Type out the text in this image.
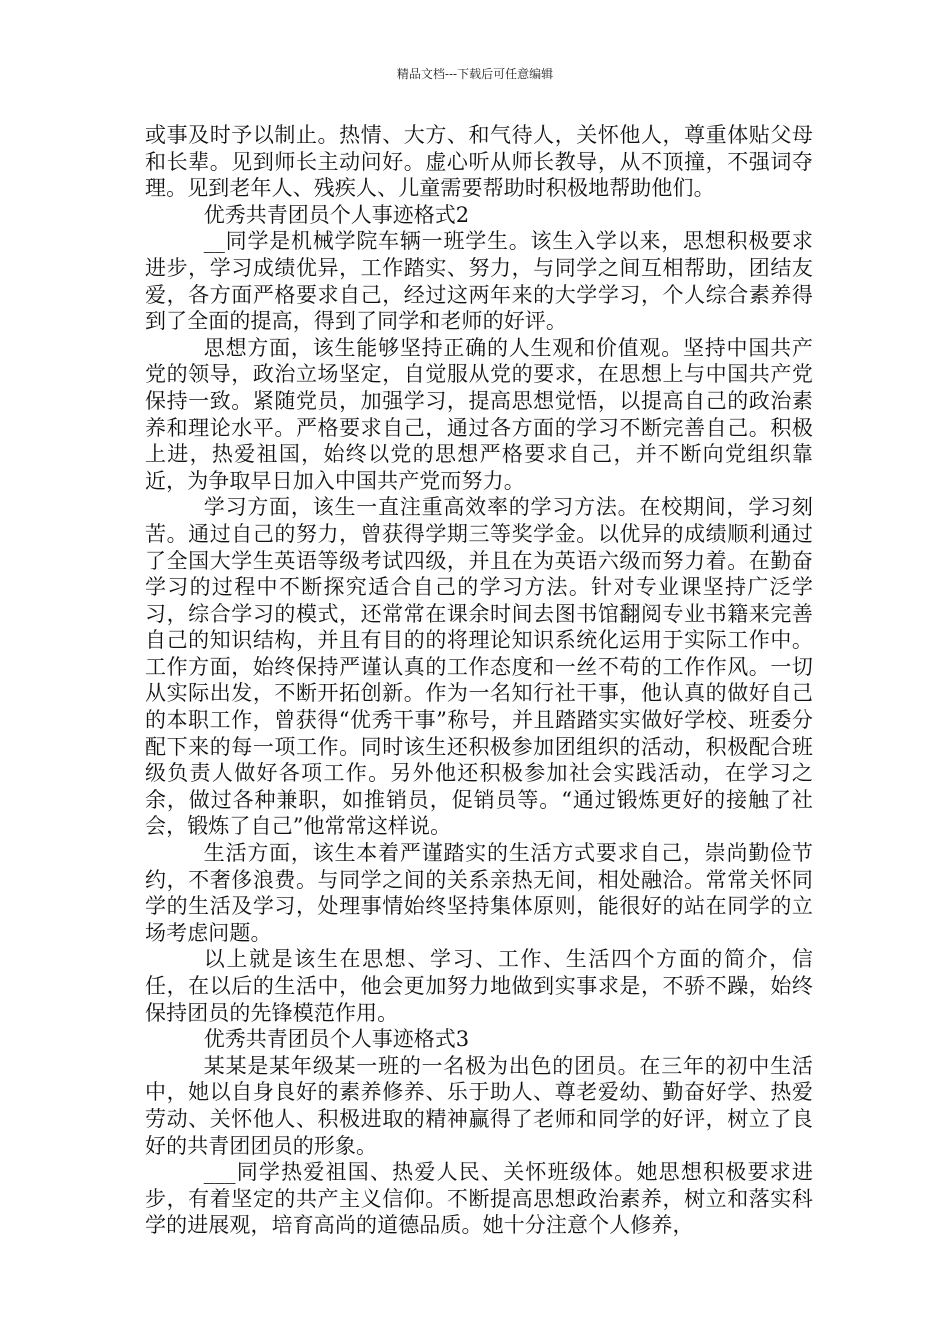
精品文档---下载后可任意编辑

或事及时予以制止。热情、大方、和气待人，关怀他人，尊重体贴父母和长辈。见到师长主动问好。虚心听从师长教导，从不顶撞，不强词夺理。见到老年人、残疾人、儿童需要帮助时积极地帮助他们。

优秀共青团员个人事迹格式2

__同学是机械学院车辆一班学生。该生入学以来，思想积极要求进步，学习成绩优异，工作踏实、努力，与同学之间互相帮助，团结友爱，各方面严格要求自己，经过这两年来的大学学习，个人综合素养得到了全面的提高，得到了同学和老师的好评。

思想方面，该生能够坚持正确的人生观和价值观。坚持中国共产党的领导，政治立场坚定，自觉服从党的要求，在思想上与中国共产党保持一致。紧随党员，加强学习，提高思想觉悟，以提高自己的政治素养和理论水平。严格要求自己，通过各方面的学习不断完善自己。积极上进，热爱祖国，始终以党的思想严格要求自己，并不断向党组织靠近，为争取早日加入中国共产党而努力。

学习方面，该生一直注重高效率的学习方法。在校期间，学习刻苦。通过自己的努力，曾获得学期三等奖学金。以优异的成绩顺利通过了全国大学生英语等级考试四级，并且在为英语六级而努力着。在勤奋学习的过程中不断探究适合自己的学习方法。针对专业课坚持广泛学习，综合学习的模式，还常常在课余时间去图书馆翻阅专业书籍来完善自己的知识结构，并且有目的的将理论知识系统化运用于实际工作中。工作方面，始终保持严谨认真的工作态度和一丝不苟的工作作风。一切从实际出发，不断开拓创新。作为一名知行社干事，他认真的做好自己的本职工作，曾获得“优秀干事”称号，并且踏踏实实做好学校、班委分配下来的每一项工作。同时该生还积极参加团组织的活动，积极配合班级负责人做好各项工作。另外他还积极参加社会实践活动，在学习之余，做过各种兼职，如推销员，促销员等。“通过锻炼更好的接触了社会，锻炼了自己”他常常这样说。

生活方面，该生本着严谨踏实的生活方式要求自己，崇尚勤俭节约，不奢侈浪费。与同学之间的关系亲热无间，相处融洽。常常关怀同学的生活及学习，处理事情始终坚持集体原则，能很好的站在同学的立场考虑问题。

以上就是该生在思想、学习、工作、生活四个方面的简介，信任，在以后的生活中，他会更加努力地做到实事求是，不骄不躁，始终保持团员的先锋模范作用。

优秀共青团员个人事迹格式3

某某是某年级某一班的一名极为出色的团员。在三年的初中生活中，她以自身良好的素养修养、乐于助人、尊老爱幼、勤奋好学、热爱劳动、关怀他人、积极进取的精神赢得了老师和同学的好评，树立了良好的共青团团员的形象。

___同学热爱祖国、热爱人民、关怀班级体。她思想积极要求进步，有着坚定的共产主义信仰。不断提高思想政治素养，树立和落实科学的进展观，培育高尚的道德品质。她十分注意个人修养，
